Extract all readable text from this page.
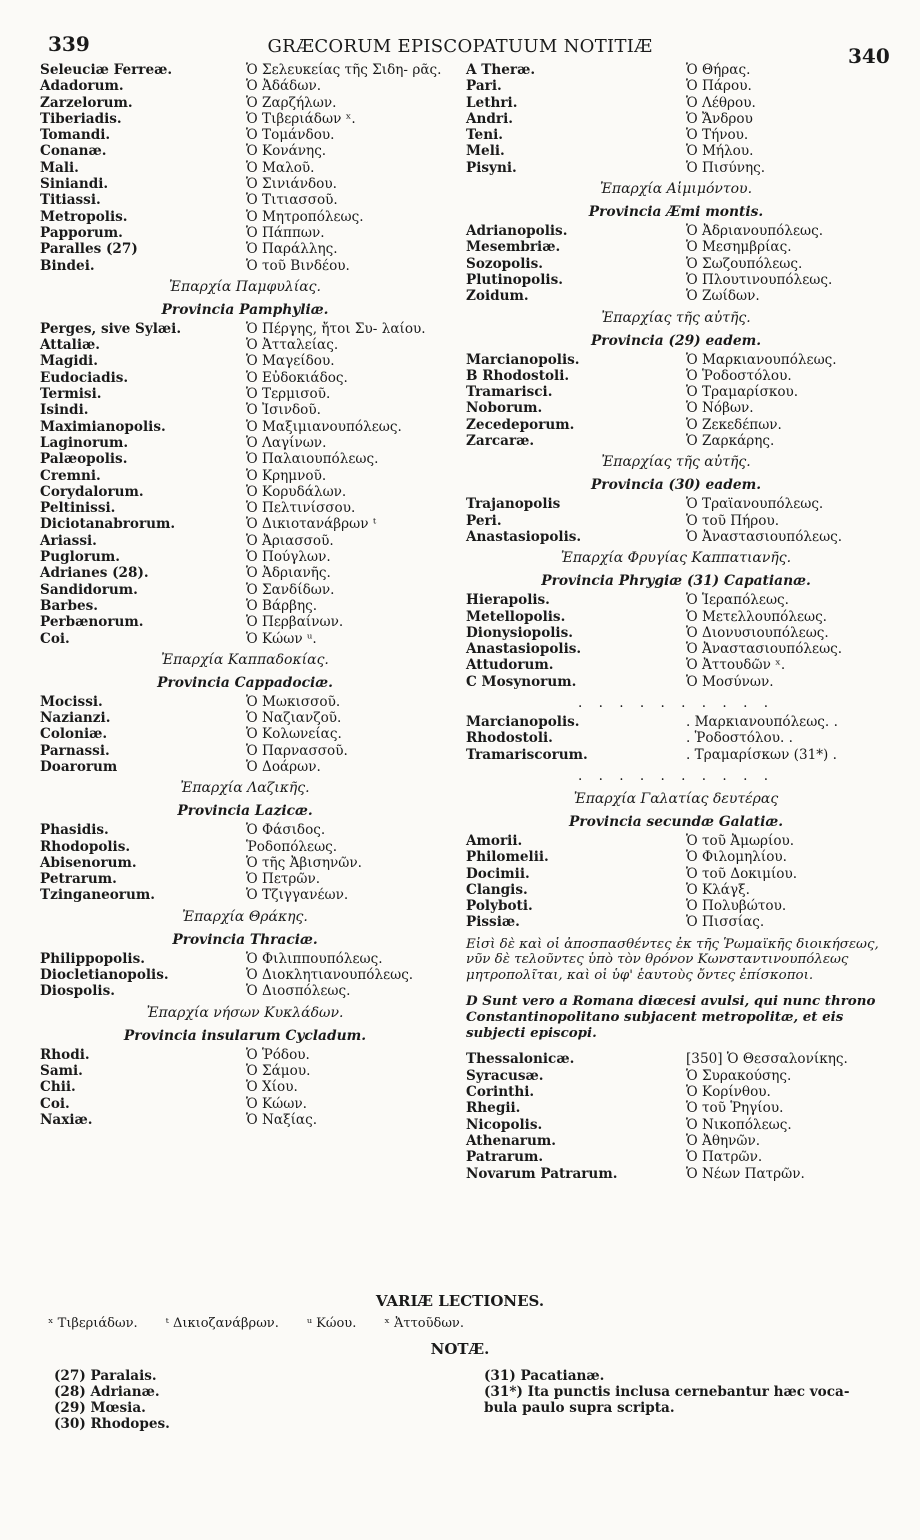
339	GRÆCORUM EPISCOPATUUM NOTITIÆ	340
Seleuciæ Ferreæ.	Ὁ Σελευκείας τῆς Σιδη- ρᾶς.
Adadorum.	Ὁ Ἀδάδων.
Zarzelorum.	Ὁ Ζαρζήλων.
Tiberiadis.	Ὁ Τιβεριάδων ˣ.
Tomandi.	Ὁ Τομάνδου.
Conanæ.	Ὁ Κονάνης.
Mali.	Ὁ Μαλοῦ.
Siniandi.	Ὁ Σινιάνδου.
Titiassi.	Ὁ Τιτιασσοῦ.
Metropolis.	Ὁ Μητροπόλεως.
Papporum.	Ὁ Πάππων.
Paralles (27)	Ὁ Παράλλης.
Bindei.	Ὁ τοῦ Βινδέου.
Ἐπαρχία Παμφυλίας.
Provincia Pamphyliæ.
Perges, sive Sylæi.	Ὁ Πέργης, ἤτοι Συ- λαίου.
Attaliæ.	Ὁ Ἀτταλείας.
Magidi.	Ὁ Μαγείδου.
Eudociadis.	Ὁ Εὐδοκιάδος.
Termisi.	Ὁ Τερμισοῦ.
Isindi.	Ὁ Ἰσινδοῦ.
Maximianopolis.	Ὁ Μαξιμιανουπόλεως.
Laginorum.	Ὁ Λαγίνων.
Palæopolis.	Ὁ Παλαιουπόλεως.
Cremni.	Ὁ Κρημνοῦ.
Corydalorum.	Ὁ Κορυδάλων.
Peltinissi.	Ὁ Πελτινίσσου.
Diciotanabrorum.	Ὁ Δικιοτανάβρων ᵗ
Ariassi.	Ὁ Ἀριασσοῦ.
Puglorum.	Ὁ Πούγλων.
Adrianes (28).	Ὁ Ἀδριανῆς.
Sandidorum.	Ὁ Σανδίδων.
Barbes.	Ὁ Βάρβης.
Perbænorum.	Ὁ Περβαίνων.
Coi.	Ὁ Κώων ᵘ.
Ἐπαρχία Καππαδοκίας.
Provincia Cappadociæ.
Mocissi.	Ὁ Μωκισσοῦ.
Nazianzi.	Ὁ Ναζιανζοῦ.
Coloniæ.	Ὁ Κολωνείας.
Parnassi.	Ὁ Παρνασσοῦ.
Doarorum	Ὁ Δοάρων.
Ἐπαρχία Λαζικῆς.
Provincia Lazicæ.
Phasidis.	Ὁ Φάσιδος.
Rhodopolis.	Ῥοδοπόλεως.
Abisenorum.	Ὁ τῆς Ἀβισηνῶν.
Petrarum.	Ὁ Πετρῶν.
Tzinganeorum.	Ὁ Τζιγγανέων.
Ἐπαρχία Θράκης.
Provincia Thraciæ.
Philippopolis.	Ὁ Φιλιππουπόλεως.
Diocletianopolis.	Ὁ Διοκλητιανουπόλεως.
Diospolis.	Ὁ Διοσπόλεως.
Ἐπαρχία νήσων Κυκλάδων.
Provincia insularum Cycladum.
Rhodi.	Ὁ Ῥόδου.
Sami.	Ὁ Σάμου.
Chii.	Ὁ Χίου.
Coi.	Ὁ Κώων.
Naxiæ.	Ὁ Ναξίας.
A Theræ.	Ὁ Θήρας.
Pari.	Ὁ Πάρου.
Lethri.	Ὁ Λέθρου.
Andri.	Ὁ Ἄνδρου
Teni.	Ὁ Τήνου.
Meli.	Ὁ Μήλου.
Pisyni.	Ὁ Πισύνης.
Ἐπαρχία Αἱμιμόντου.
Provincia Æmi montis.
Adrianopolis.	Ὁ Ἀδριανουπόλεως.
Mesembriæ.	Ὁ Μεσημβρίας.
Sozopolis.	Ὁ Σωζουπόλεως.
Plutinopolis.	Ὁ Πλουτινουπόλεως.
Zoidum.	Ὁ Ζωίδων.
Ἐπαρχίας τῆς αὐτῆς.
Provincia (29) eadem.
Marcianopolis.	Ὁ Μαρκιανουπόλεως.
B Rhodostoli.	Ὁ Ῥοδοστόλου.
Tramarisci.	Ὁ Τραμαρίσκου.
Noborum.	Ὁ Νόβων.
Zecedeporum.	Ὁ Ζεκεδέπων.
Zarcaræ.	Ὁ Ζαρκάρης.
Ἐπαρχίας τῆς αὐτῆς.
Provincia (30) eadem.
Trajanopolis	Ὁ Τραϊανουπόλεως.
Peri.	Ὁ τοῦ Πήρου.
Anastasiopolis.	Ὁ Ἀναστασιουπόλεως.
Ἐπαρχία Φρυγίας Καππατιανῆς.
Provincia Phrygiæ (31) Capatianæ.
Hierapolis.	Ὁ Ἱεραπόλεως.
Metellopolis.	Ὁ Μετελλουπόλεως.
Dionysiopolis.	Ὁ Διονυσιουπόλεως.
Anastasiopolis.	Ὁ Ἀναστασιουπόλεως.
Attudorum.	Ὁ Ἀττουδῶν ˣ.
C Mosynorum.	Ὁ Μοσύνων.
. . . . . . . . . .
Marcianopolis.	. Μαρκιανουπόλεως. .
Rhodostoli.	. Ῥοδοστόλου. .
Tramariscorum.	. Τραμαρίσκων (31*) .
. . . . . . . . . .
Ἐπαρχία Γαλατίας δευτέρας
Provincia secundæ Galatiæ.
Amorii.	Ὁ τοῦ Ἀμωρίου.
Philomelii.	Ὁ Φιλομηλίου.
Docimii.	Ὁ τοῦ Δοκιμίου.
Clangis.	Ὁ Κλάγξ.
Polyboti.	Ὁ Πολυβώτου.
Pissiæ.	Ὁ Πισσίας.
Εἰσὶ δὲ καὶ οἱ ἀποσπασθέντες ἐκ τῆς Ῥωμαϊκῆς διοικήσεως, νῦν δὲ τελοῦντες ὑπὸ τὸν θρόνον Κωνσταντινουπόλεως μητροπολῖται, καὶ οἱ ὑφ' ἑαυτοὺς ὄντες ἐπίσκοποι.
D Sunt vero a Romana diœcesi avulsi, qui nunc throno Constantinopolitano subjacent metropolitæ, et eis subjecti episcopi.
Thessalonicæ.	[350] Ὁ Θεσσαλονίκης.
Syracusæ.	Ὁ Συρακούσης.
Corinthi.	Ὁ Κορίνθου.
Rhegii.	Ὁ τοῦ Ῥηγίου.
Nicopolis.	Ὁ Νικοπόλεως.
Athenarum.	Ὁ Ἀθηνῶν.
Patrarum.	Ὁ Πατρῶν.
Novarum Patrarum.	Ὁ Νέων Πατρῶν.
VARIÆ LECTIONES.
ˣ Τιβεριάδων. ᵗ Δικιοζανάβρων. ᵘ Κώου. ˣ Ἀττοῦδων.
NOTÆ.
(27) Paralais.
(28) Adrianæ.
(29) Mœsia.
(30) Rhodopes.
(31) Pacatianæ.
(31*) Ita punctis inclusa cernebantur hæc voca- bula paulo supra scripta.
